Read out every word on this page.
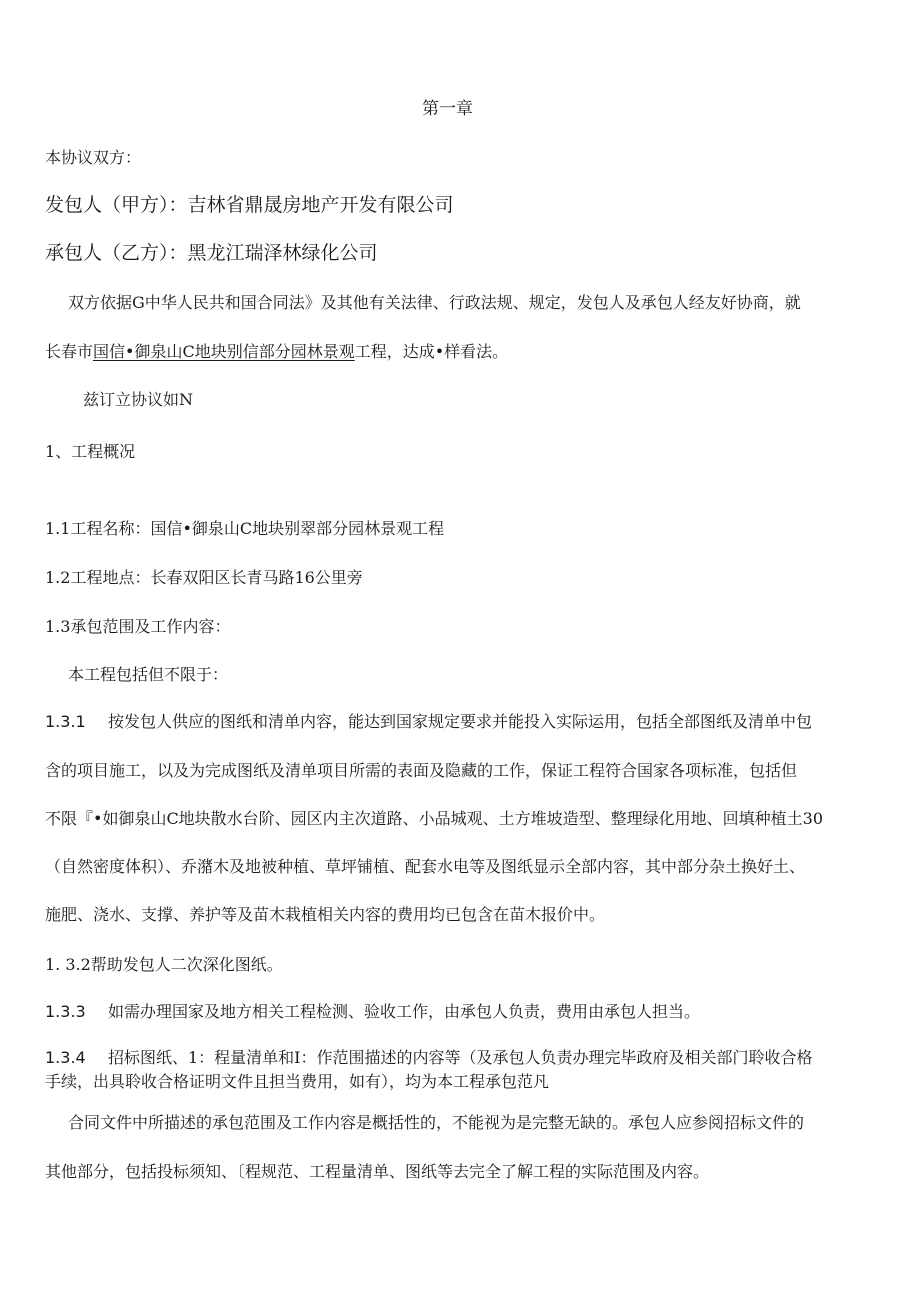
第一章
本协议双方：
发包人（甲方）：吉林省鼎晟房地产开发有限公司
承包人（乙方）：黑龙江瑞泽林绿化公司
双方依据G中华人民共和国合同法》及其他有关法律、行政法规、规定，发包人及承包人经友好协商，就
长春市国信•御泉山C地块别信部分园林景观工程，达成•样看法。
兹订立协议如N
1、工程概况
1.1工程名称：国信•御泉山C地块别翠部分园林景观工程
1.2工程地点：长春双阳区长青马路16公里旁
1.3承包范围及工作内容：
本工程包括但不限于：
1.3.1 按发包人供应的图纸和清单内容，能达到国家规定要求并能投入实际运用，包括全部图纸及清单中包
含的项目施工，以及为完成图纸及清单项目所需的表面及隐藏的工作，保证工程符合国家各项标准，包括但
不限『•如御泉山C地块散水台阶、园区内主次道路、小品城观、土方堆坡造型、整理绿化用地、回填种植土30
（自然密度体积）、乔潴木及地被种植、草坪铺植、配套水电等及图纸显示全部内容，其中部分杂土换好土、
施肥、浇水、支撑、养护等及苗木栽植相关内容的费用均已包含在苗木报价中。
1. 3.2帮助发包人二次深化图纸。
1.3.3 如需办理国家及地方相关工程检测、验收工作，由承包人负责，费用由承包人担当。
1.3.4 招标图纸、1：程量清单和I：作范围描述的内容等（及承包人负责办理完毕政府及相关部门聆收合格
手续，出具聆收合格证明文件且担当费用，如有），均为本工程承包范凡
合同文件中所描述的承包范围及工作内容是概括性的，不能视为是完整无缺的。承包人应参阅招标文件的
其他部分，包括投标须知、〔程规范、工程量清单、图纸等去完全了解工程的实际范围及内容。
